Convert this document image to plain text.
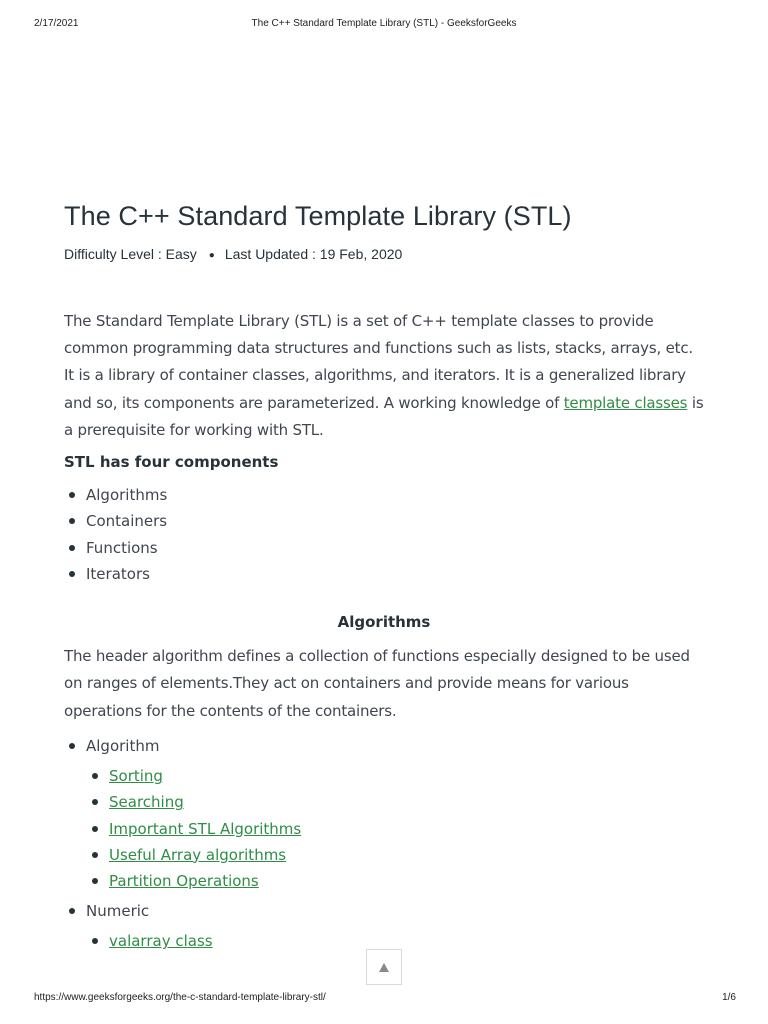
2/17/2021	The C++ Standard Template Library (STL) - GeeksforGeeks
The C++ Standard Template Library (STL)
Difficulty Level : Easy ● Last Updated : 19 Feb, 2020

The Standard Template Library (STL) is a set of C++ template classes to provide common programming data structures and functions such as lists, stacks, arrays, etc. It is a library of container classes, algorithms, and iterators. It is a generalized library and so, its components are parameterized. A working knowledge of template classes is a prerequisite for working with STL.

STL has four components
Algorithms
Containers
Functions
Iterators
Algorithms

The header algorithm defines a collection of functions especially designed to be used on ranges of elements.They act on containers and provide means for various operations for the contents of the containers.

Algorithm
Sorting
Searching
Important STL Algorithms
Useful Array algorithms
Partition Operations
Numeric
valarray class
https://www.geeksforgeeks.org/the-c-standard-template-library-stl/	1/6
